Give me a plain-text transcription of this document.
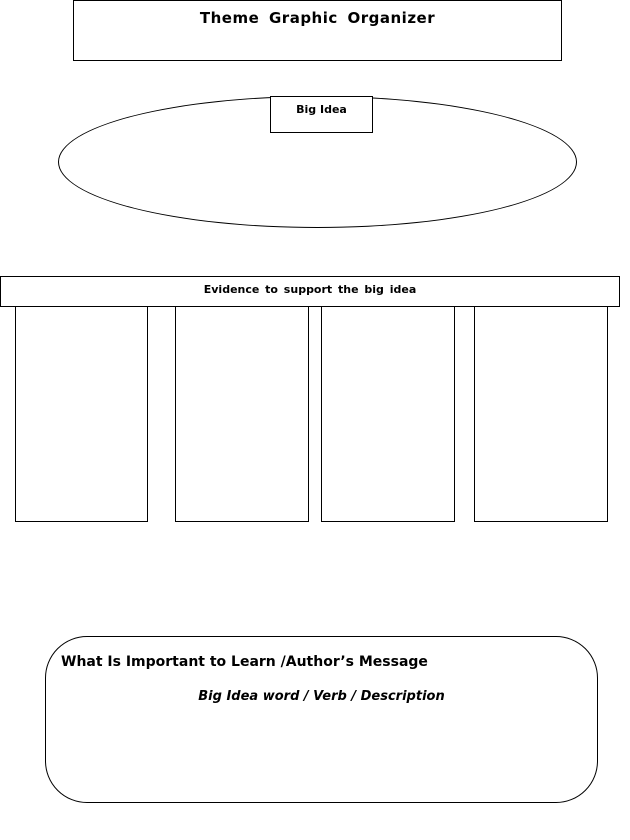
Theme Graphic Organizer
Big Idea
Evidence to support the big idea
What Is Important to Learn /Author’s Message
Big Idea word / Verb / Description
